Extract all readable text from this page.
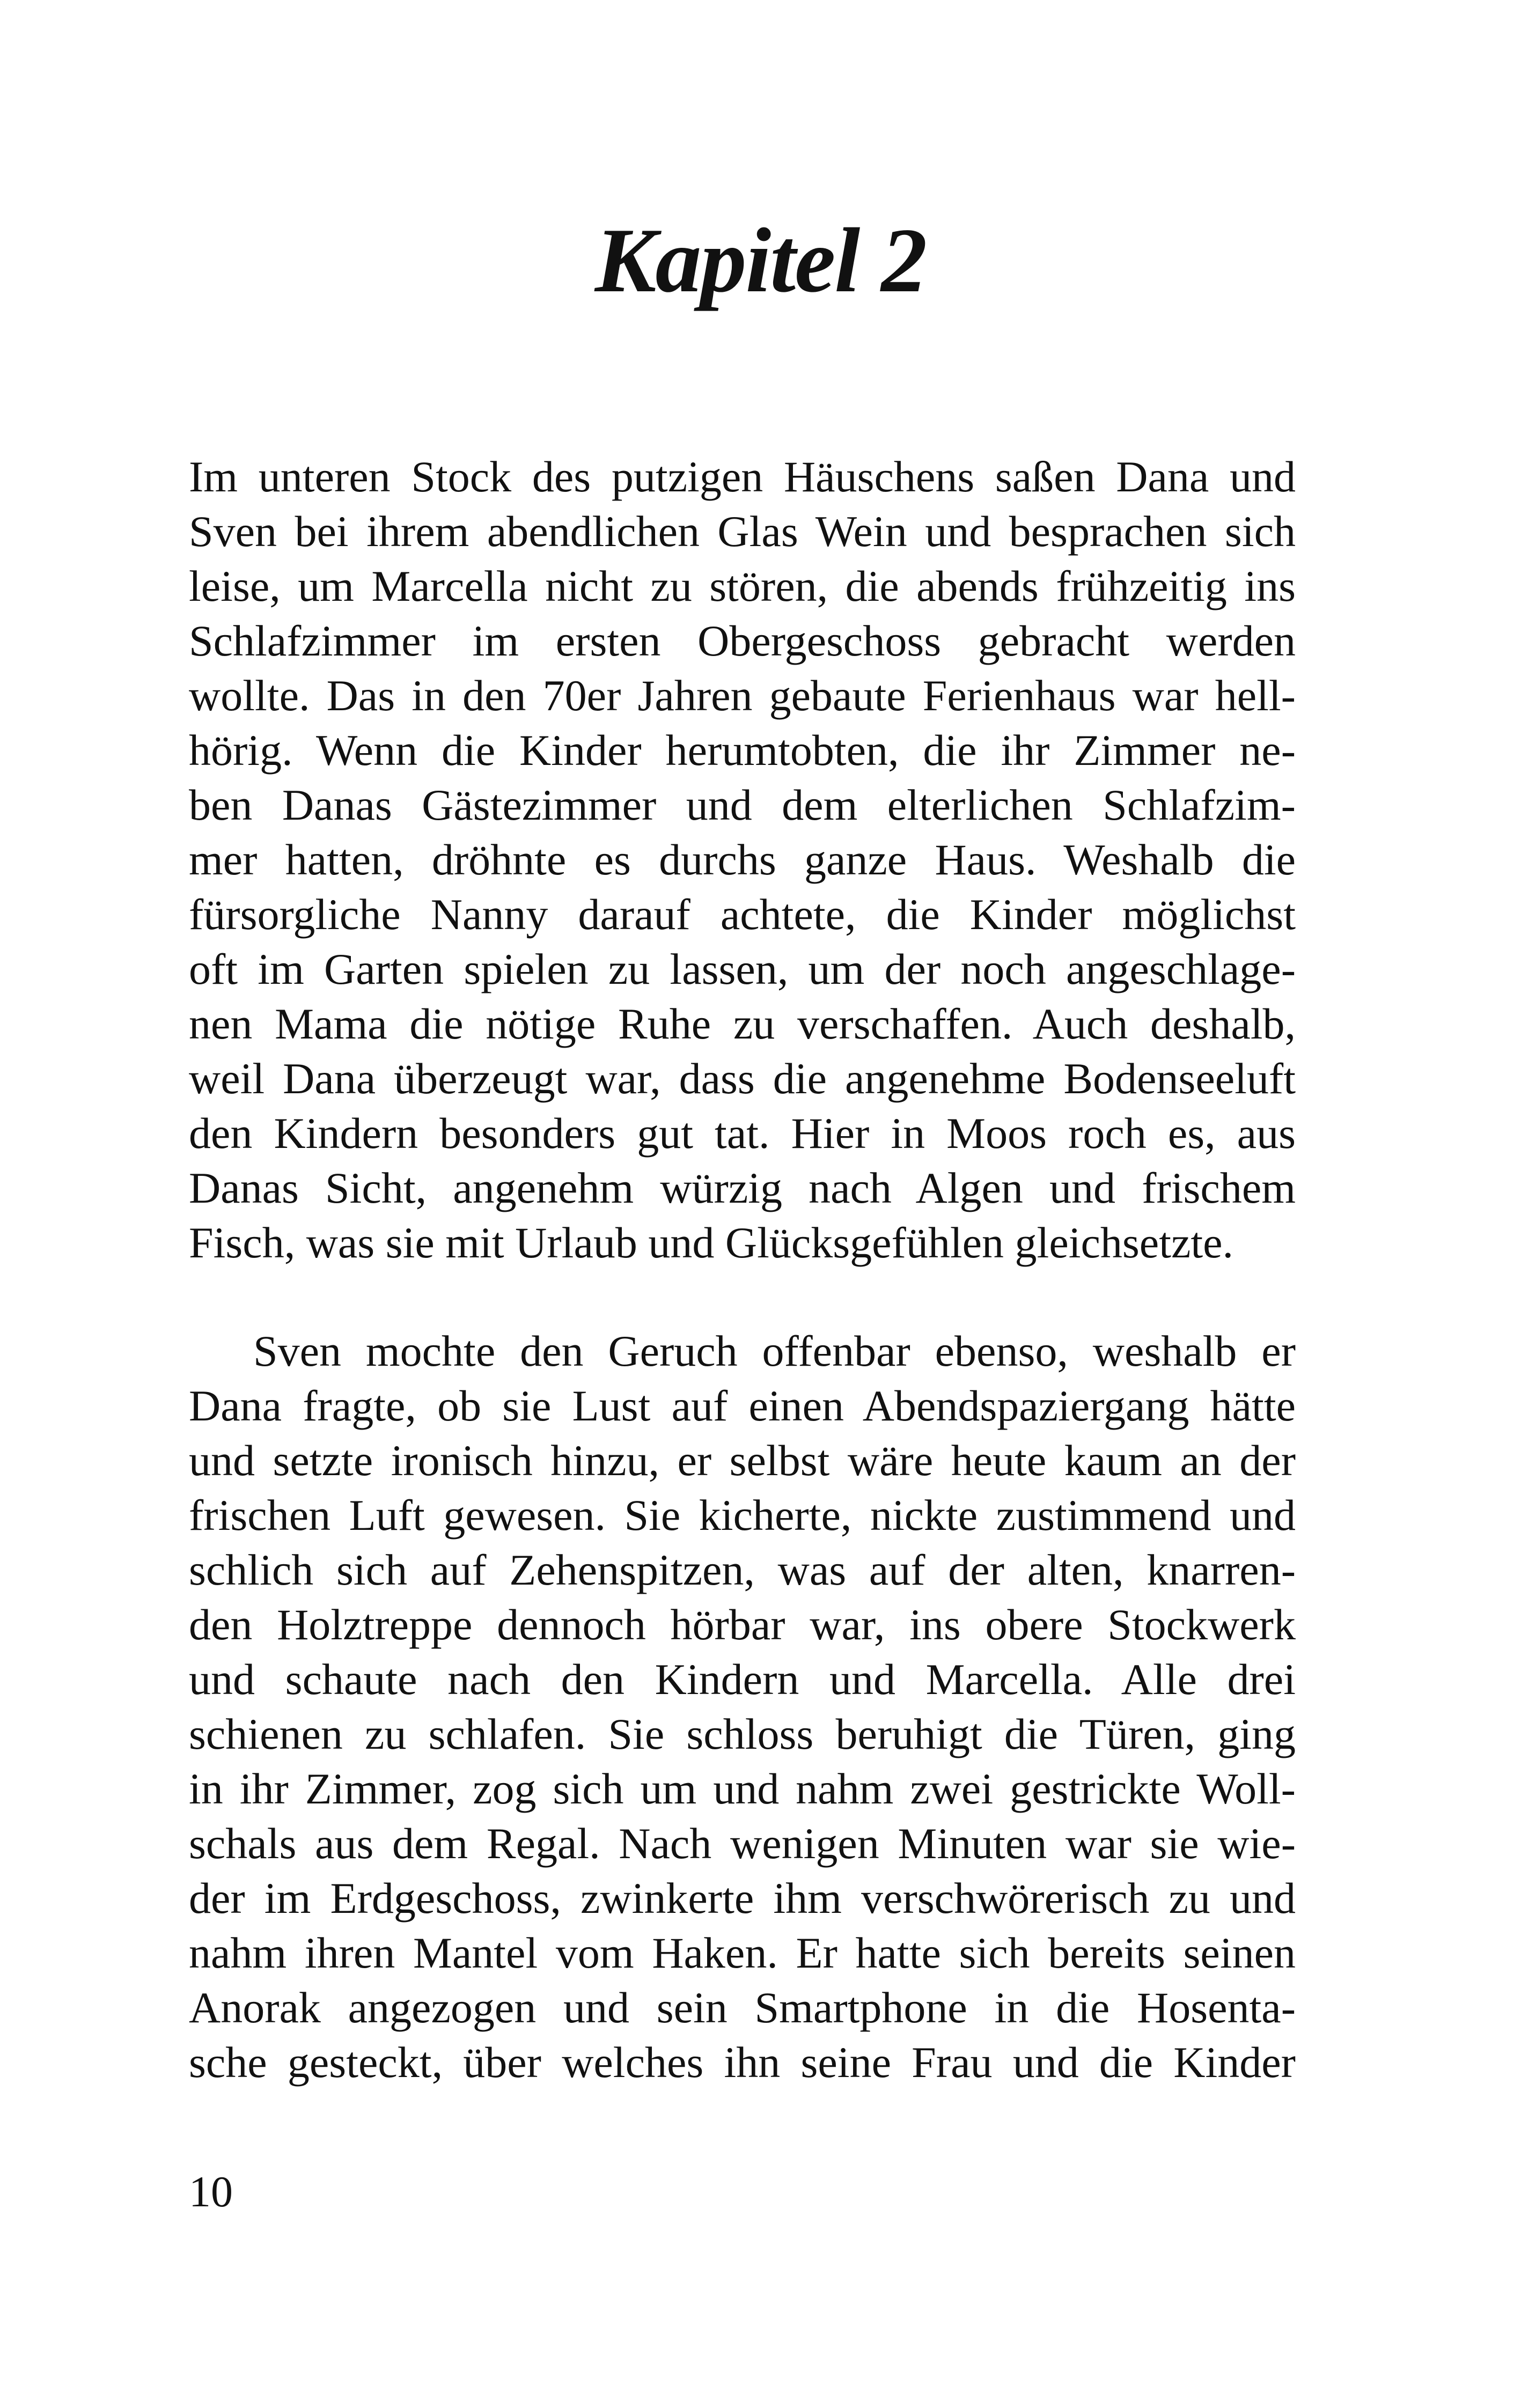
Kapitel 2
Im unteren Stock des putzigen Häuschens saßen Dana und
Sven bei ihrem abendlichen Glas Wein und besprachen sich
leise, um Marcella nicht zu stören, die abends frühzeitig ins
Schlafzimmer im ersten Obergeschoss gebracht werden
wollte. Das in den 70er Jahren gebaute Ferienhaus war hell-
hörig. Wenn die Kinder herumtobten, die ihr Zimmer ne-
ben Danas Gästezimmer und dem elterlichen Schlafzim-
mer hatten, dröhnte es durchs ganze Haus. Weshalb die
fürsorgliche Nanny darauf achtete, die Kinder möglichst
oft im Garten spielen zu lassen, um der noch angeschlage-
nen Mama die nötige Ruhe zu verschaffen. Auch deshalb,
weil Dana überzeugt war, dass die angenehme Bodenseeluft
den Kindern besonders gut tat. Hier in Moos roch es, aus
Danas Sicht, angenehm würzig nach Algen und frischem
Fisch, was sie mit Urlaub und Glücksgefühlen gleichsetzte.
Sven mochte den Geruch offenbar ebenso, weshalb er
Dana fragte, ob sie Lust auf einen Abendspaziergang hätte
und setzte ironisch hinzu, er selbst wäre heute kaum an der
frischen Luft gewesen. Sie kicherte, nickte zustimmend und
schlich sich auf Zehenspitzen, was auf der alten, knarren-
den Holztreppe dennoch hörbar war, ins obere Stockwerk
und schaute nach den Kindern und Marcella. Alle drei
schienen zu schlafen. Sie schloss beruhigt die Türen, ging
in ihr Zimmer, zog sich um und nahm zwei gestrickte Woll-
schals aus dem Regal. Nach wenigen Minuten war sie wie-
der im Erdgeschoss, zwinkerte ihm verschwörerisch zu und
nahm ihren Mantel vom Haken. Er hatte sich bereits seinen
Anorak angezogen und sein Smartphone in die Hosenta-
sche gesteckt, über welches ihn seine Frau und die Kinder
10
